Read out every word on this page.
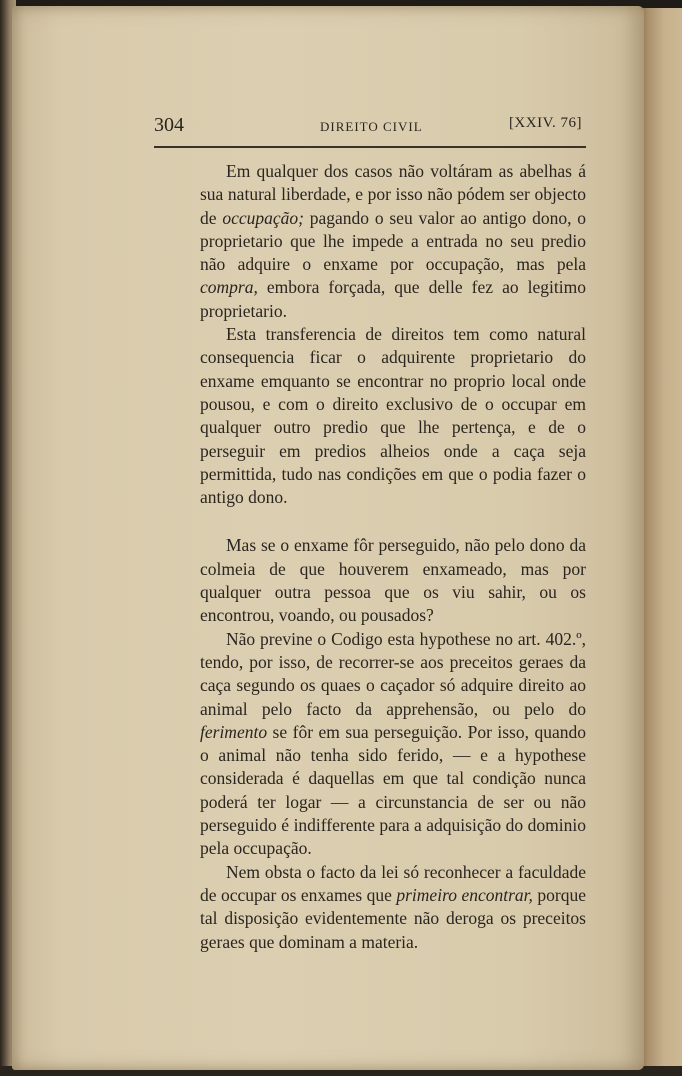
304	DIREITO CIVIL	[XXIV. 76]

Em qualquer dos casos não voltáram as abelhas á sua natural liberdade, e por isso não pódem ser objecto de occupação; pagando o seu valor ao antigo dono, o proprietario que lhe impede a entrada no seu predio não adquire o enxame por occupação, mas pela compra, embora forçada, que delle fez ao legitimo proprietario.

Esta transferencia de direitos tem como natural consequencia ficar o adquirente proprietario do enxame emquanto se encontrar no proprio local onde pousou, e com o direito exclusivo de o occupar em qualquer outro predio que lhe pertença, e de o perseguir em predios alheios onde a caça seja permittida, tudo nas condições em que o podia fazer o antigo dono.

Mas se o enxame fôr perseguido, não pelo dono da colmeia de que houverem enxameado, mas por qualquer outra pessoa que os viu sahir, ou os encontrou, voando, ou pousados?

Não previne o Codigo esta hypothese no art. 402.º, tendo, por isso, de recorrer-se aos preceitos geraes da caça segundo os quaes o caçador só adquire direito ao animal pelo facto da apprehensão, ou pelo do ferimento se fôr em sua perseguição. Por isso, quando o animal não tenha sido ferido, — e a hypothese considerada é daquellas em que tal condição nunca poderá ter logar — a circunstancia de ser ou não perseguido é indifferente para a adquisição do dominio pela occupação.

Nem obsta o facto da lei só reconhecer a faculdade de occupar os enxames que primeiro encontrar, porque tal disposição evidentemente não deroga os preceitos geraes que dominam a materia.
